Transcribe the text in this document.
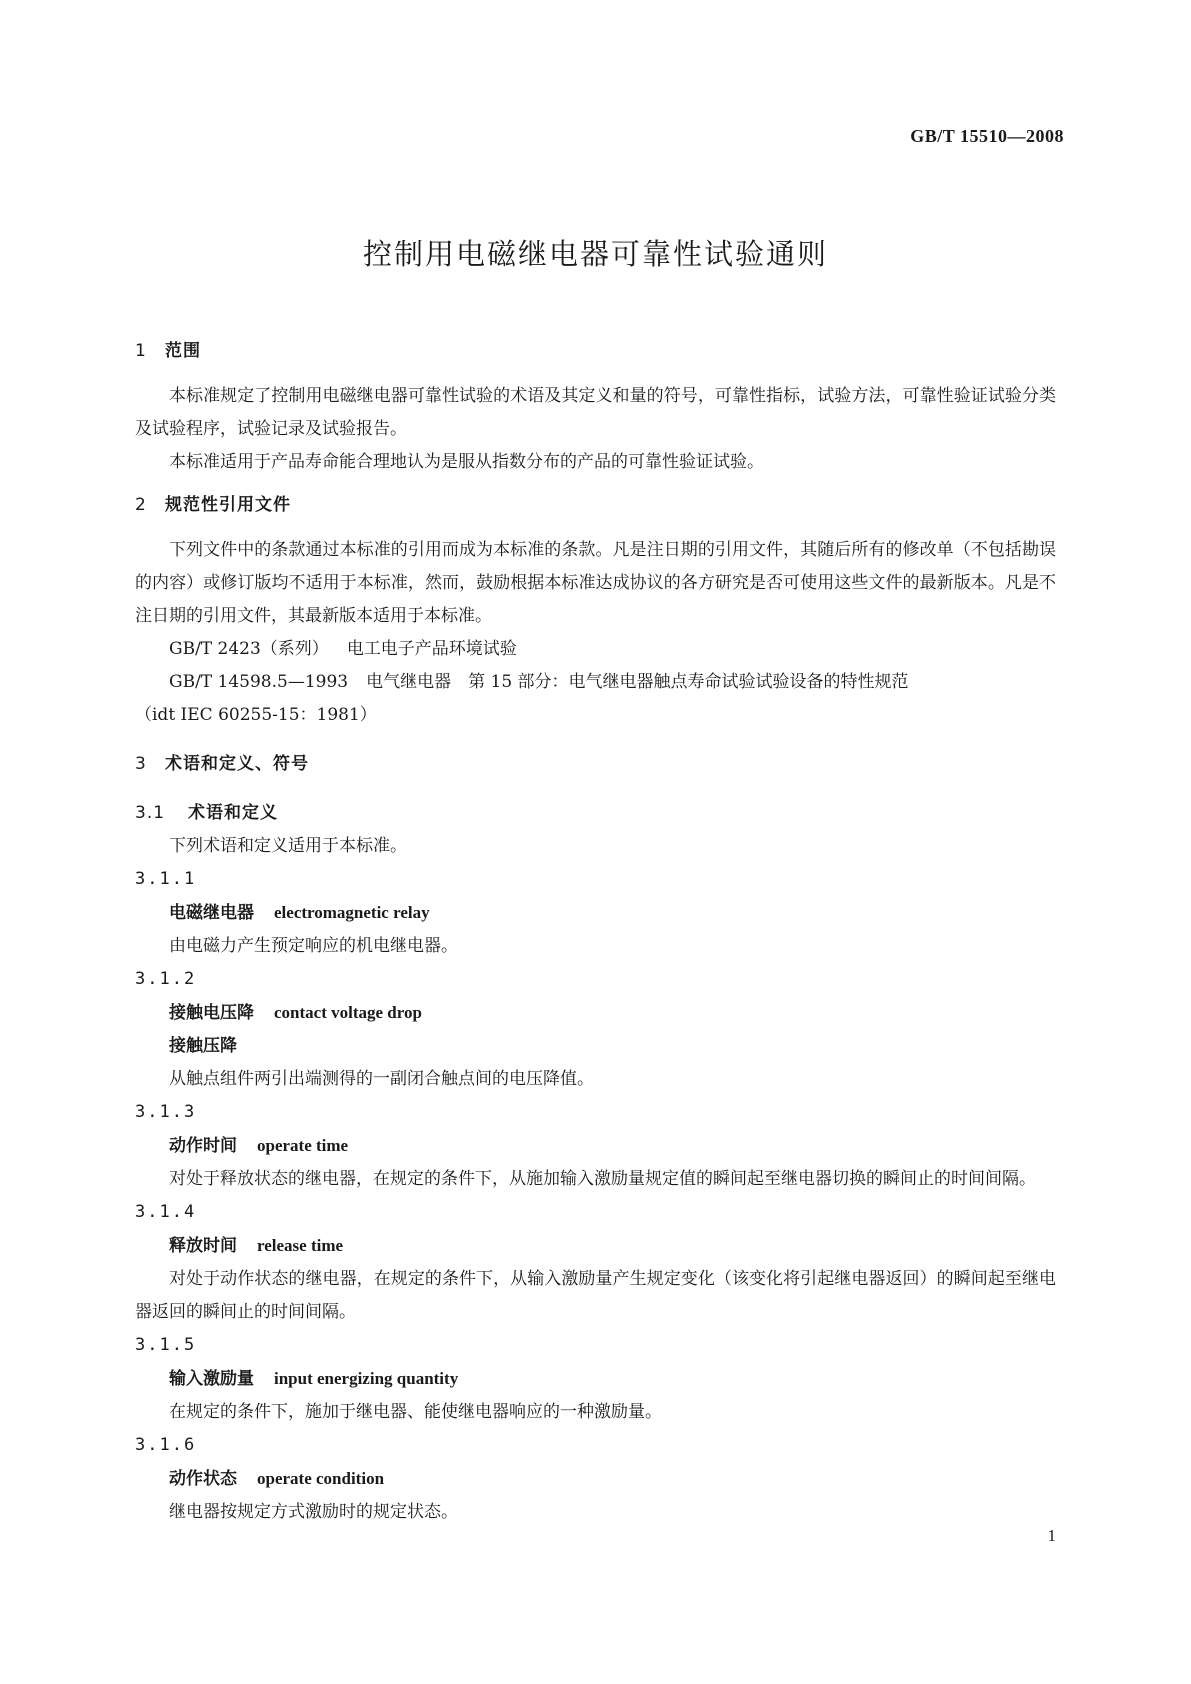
GB/T 15510—2008
控制用电磁继电器可靠性试验通则
1 范围
本标准规定了控制用电磁继电器可靠性试验的术语及其定义和量的符号，可靠性指标，试验方法，可靠性验证试验分类及试验程序，试验记录及试验报告。
本标准适用于产品寿命能合理地认为是服从指数分布的产品的可靠性验证试验。
2 规范性引用文件
下列文件中的条款通过本标准的引用而成为本标准的条款。凡是注日期的引用文件，其随后所有的修改单（不包括勘误的内容）或修订版均不适用于本标准，然而，鼓励根据本标准达成协议的各方研究是否可使用这些文件的最新版本。凡是不注日期的引用文件，其最新版本适用于本标准。
GB/T 2423（系列） 电工电子产品环境试验
GB/T 14598.5—1993 电气继电器　第 15 部分：电气继电器触点寿命试验试验设备的特性规范
（idt IEC 60255-15：1981）
3 术语和定义、符号
3.1 术语和定义
下列术语和定义适用于本标准。
3.1.1
电磁继电器 electromagnetic relay
由电磁力产生预定响应的机电继电器。
3.1.2
接触电压降 contact voltage drop
接触压降
从触点组件两引出端测得的一副闭合触点间的电压降值。
3.1.3
动作时间 operate time
对处于释放状态的继电器，在规定的条件下，从施加输入激励量规定值的瞬间起至继电器切换的瞬间止的时间间隔。
3.1.4
释放时间 release time
对处于动作状态的继电器，在规定的条件下，从输入激励量产生规定变化（该变化将引起继电器返回）的瞬间起至继电器返回的瞬间止的时间间隔。
3.1.5
输入激励量 input energizing quantity
在规定的条件下，施加于继电器、能使继电器响应的一种激励量。
3.1.6
动作状态 operate condition
继电器按规定方式激励时的规定状态。
1
